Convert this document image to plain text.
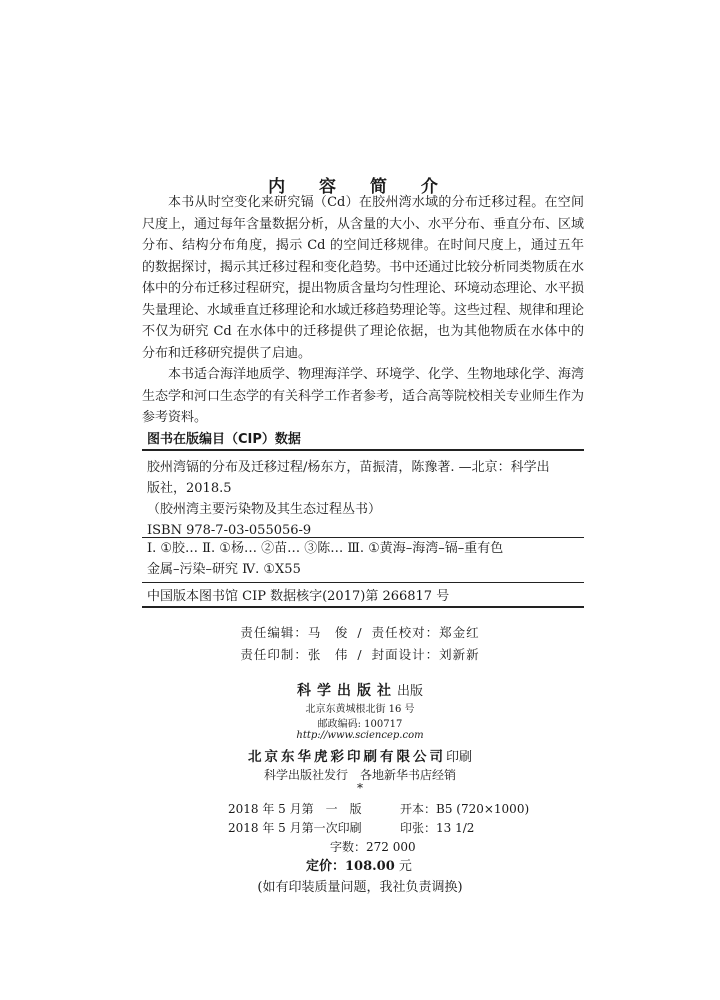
内 容 简 介

本书从时空变化来研究镉（Cd）在胶州湾水域的分布迁移过程。在空间尺度上，通过每年含量数据分析，从含量的大小、水平分布、垂直分布、区域分布、结构分布角度，揭示 Cd 的空间迁移规律。在时间尺度上，通过五年的数据探讨，揭示其迁移过程和变化趋势。书中还通过比较分析同类物质在水体中的分布迁移过程研究，提出物质含量均匀性理论、环境动态理论、水平损失量理论、水域垂直迁移理论和水域迁移趋势理论等。这些过程、规律和理论不仅为研究 Cd 在水体中的迁移提供了理论依据，也为其他物质在水体中的分布和迁移研究提供了启迪。

本书适合海洋地质学、物理海洋学、环境学、化学、生物地球化学、海湾生态学和河口生态学的有关科学工作者参考，适合高等院校相关专业师生作为参考资料。

图书在版编目（CIP）数据
胶州湾镉的分布及迁移过程/杨东方，苗振清，陈豫著. —北京：科学出
版社，2018.5
（胶州湾主要污染物及其生态过程丛书）
ISBN 978-7-03-055056-9
Ⅰ. ①胶… Ⅱ. ①杨… ②苗… ③陈… Ⅲ. ①黄海–海湾–镉–重有色
金属–污染–研究 Ⅳ. ①X55
中国版本图书馆 CIP 数据核字(2017)第 266817 号
责任编辑：马　俊 / 责任校对：郑金红
责任印制：张　伟 / 封面设计：刘新新
科学出版社出版
北京东黄城根北街 16 号
邮政编码: 100717
http://www.sciencep.com
北京东华虎彩印刷有限公司印刷
科学出版社发行　各地新华书店经销
*
2018 年 5 月第　一　版	开本：B5 (720×1000)
2018 年 5 月第一次印刷	印张：13 1/2
字数：272 000
定价：108.00 元
(如有印装质量问题，我社负责调换)
